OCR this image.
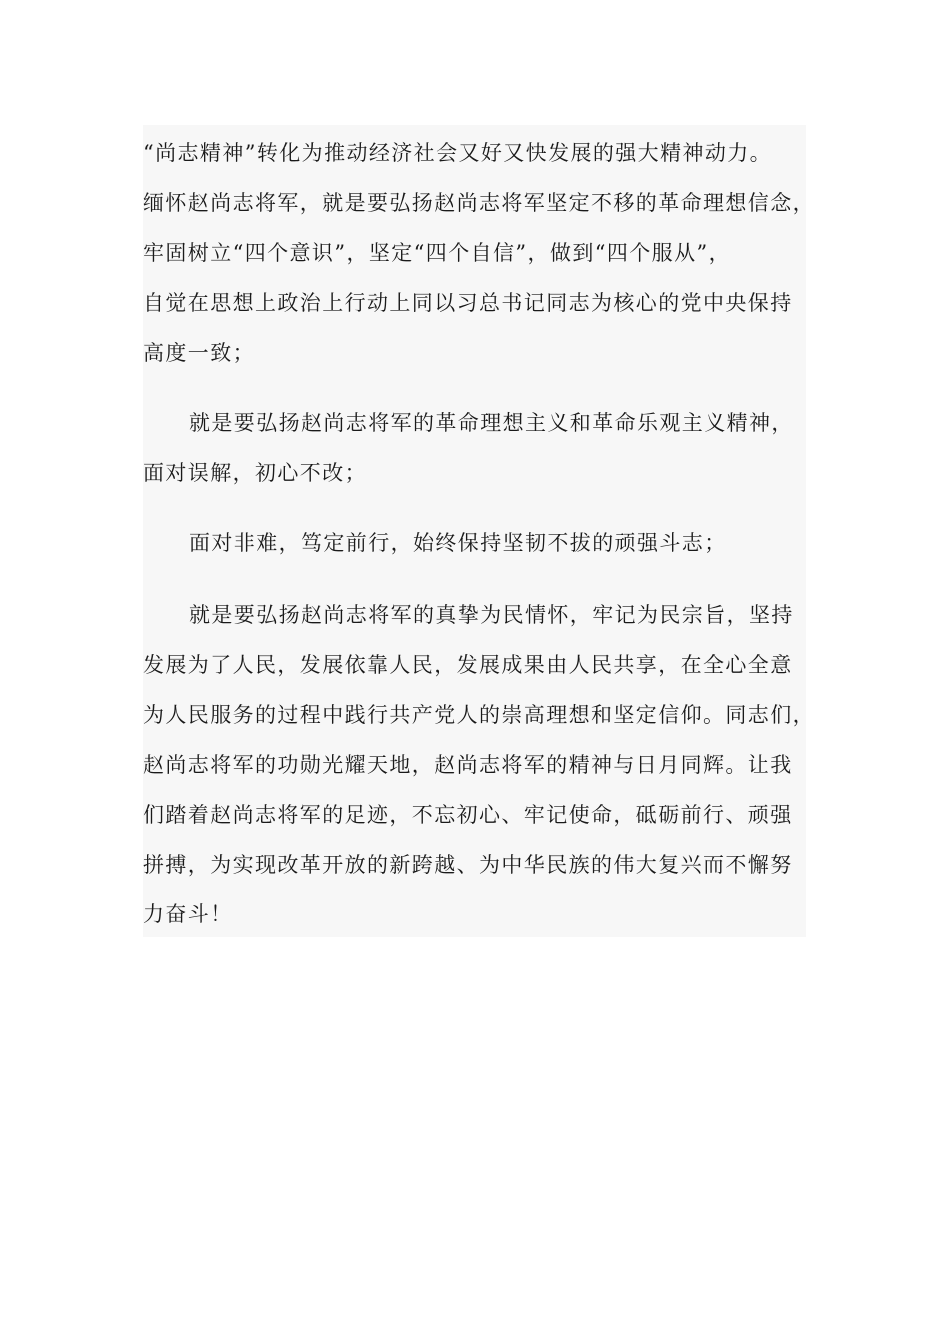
“尚志精神”转化为推动经济社会又好又快发展的强大精神动力。
缅怀赵尚志将军，就是要弘扬赵尚志将军坚定不移的革命理想信念，
牢固树立“四个意识”，坚定“四个自信”，做到“四个服从”，
自觉在思想上政治上行动上同以习总书记同志为核心的党中央保持
高度一致；
就是要弘扬赵尚志将军的革命理想主义和革命乐观主义精神，
面对误解，初心不改；
面对非难，笃定前行，始终保持坚韧不拔的顽强斗志；
就是要弘扬赵尚志将军的真挚为民情怀，牢记为民宗旨，坚持
发展为了人民，发展依靠人民，发展成果由人民共享，在全心全意
为人民服务的过程中践行共产党人的崇高理想和坚定信仰。同志们，
赵尚志将军的功勋光耀天地，赵尚志将军的精神与日月同辉。让我
们踏着赵尚志将军的足迹，不忘初心、牢记使命，砥砺前行、顽强
拼搏，为实现改革开放的新跨越、为中华民族的伟大复兴而不懈努
力奋斗！
